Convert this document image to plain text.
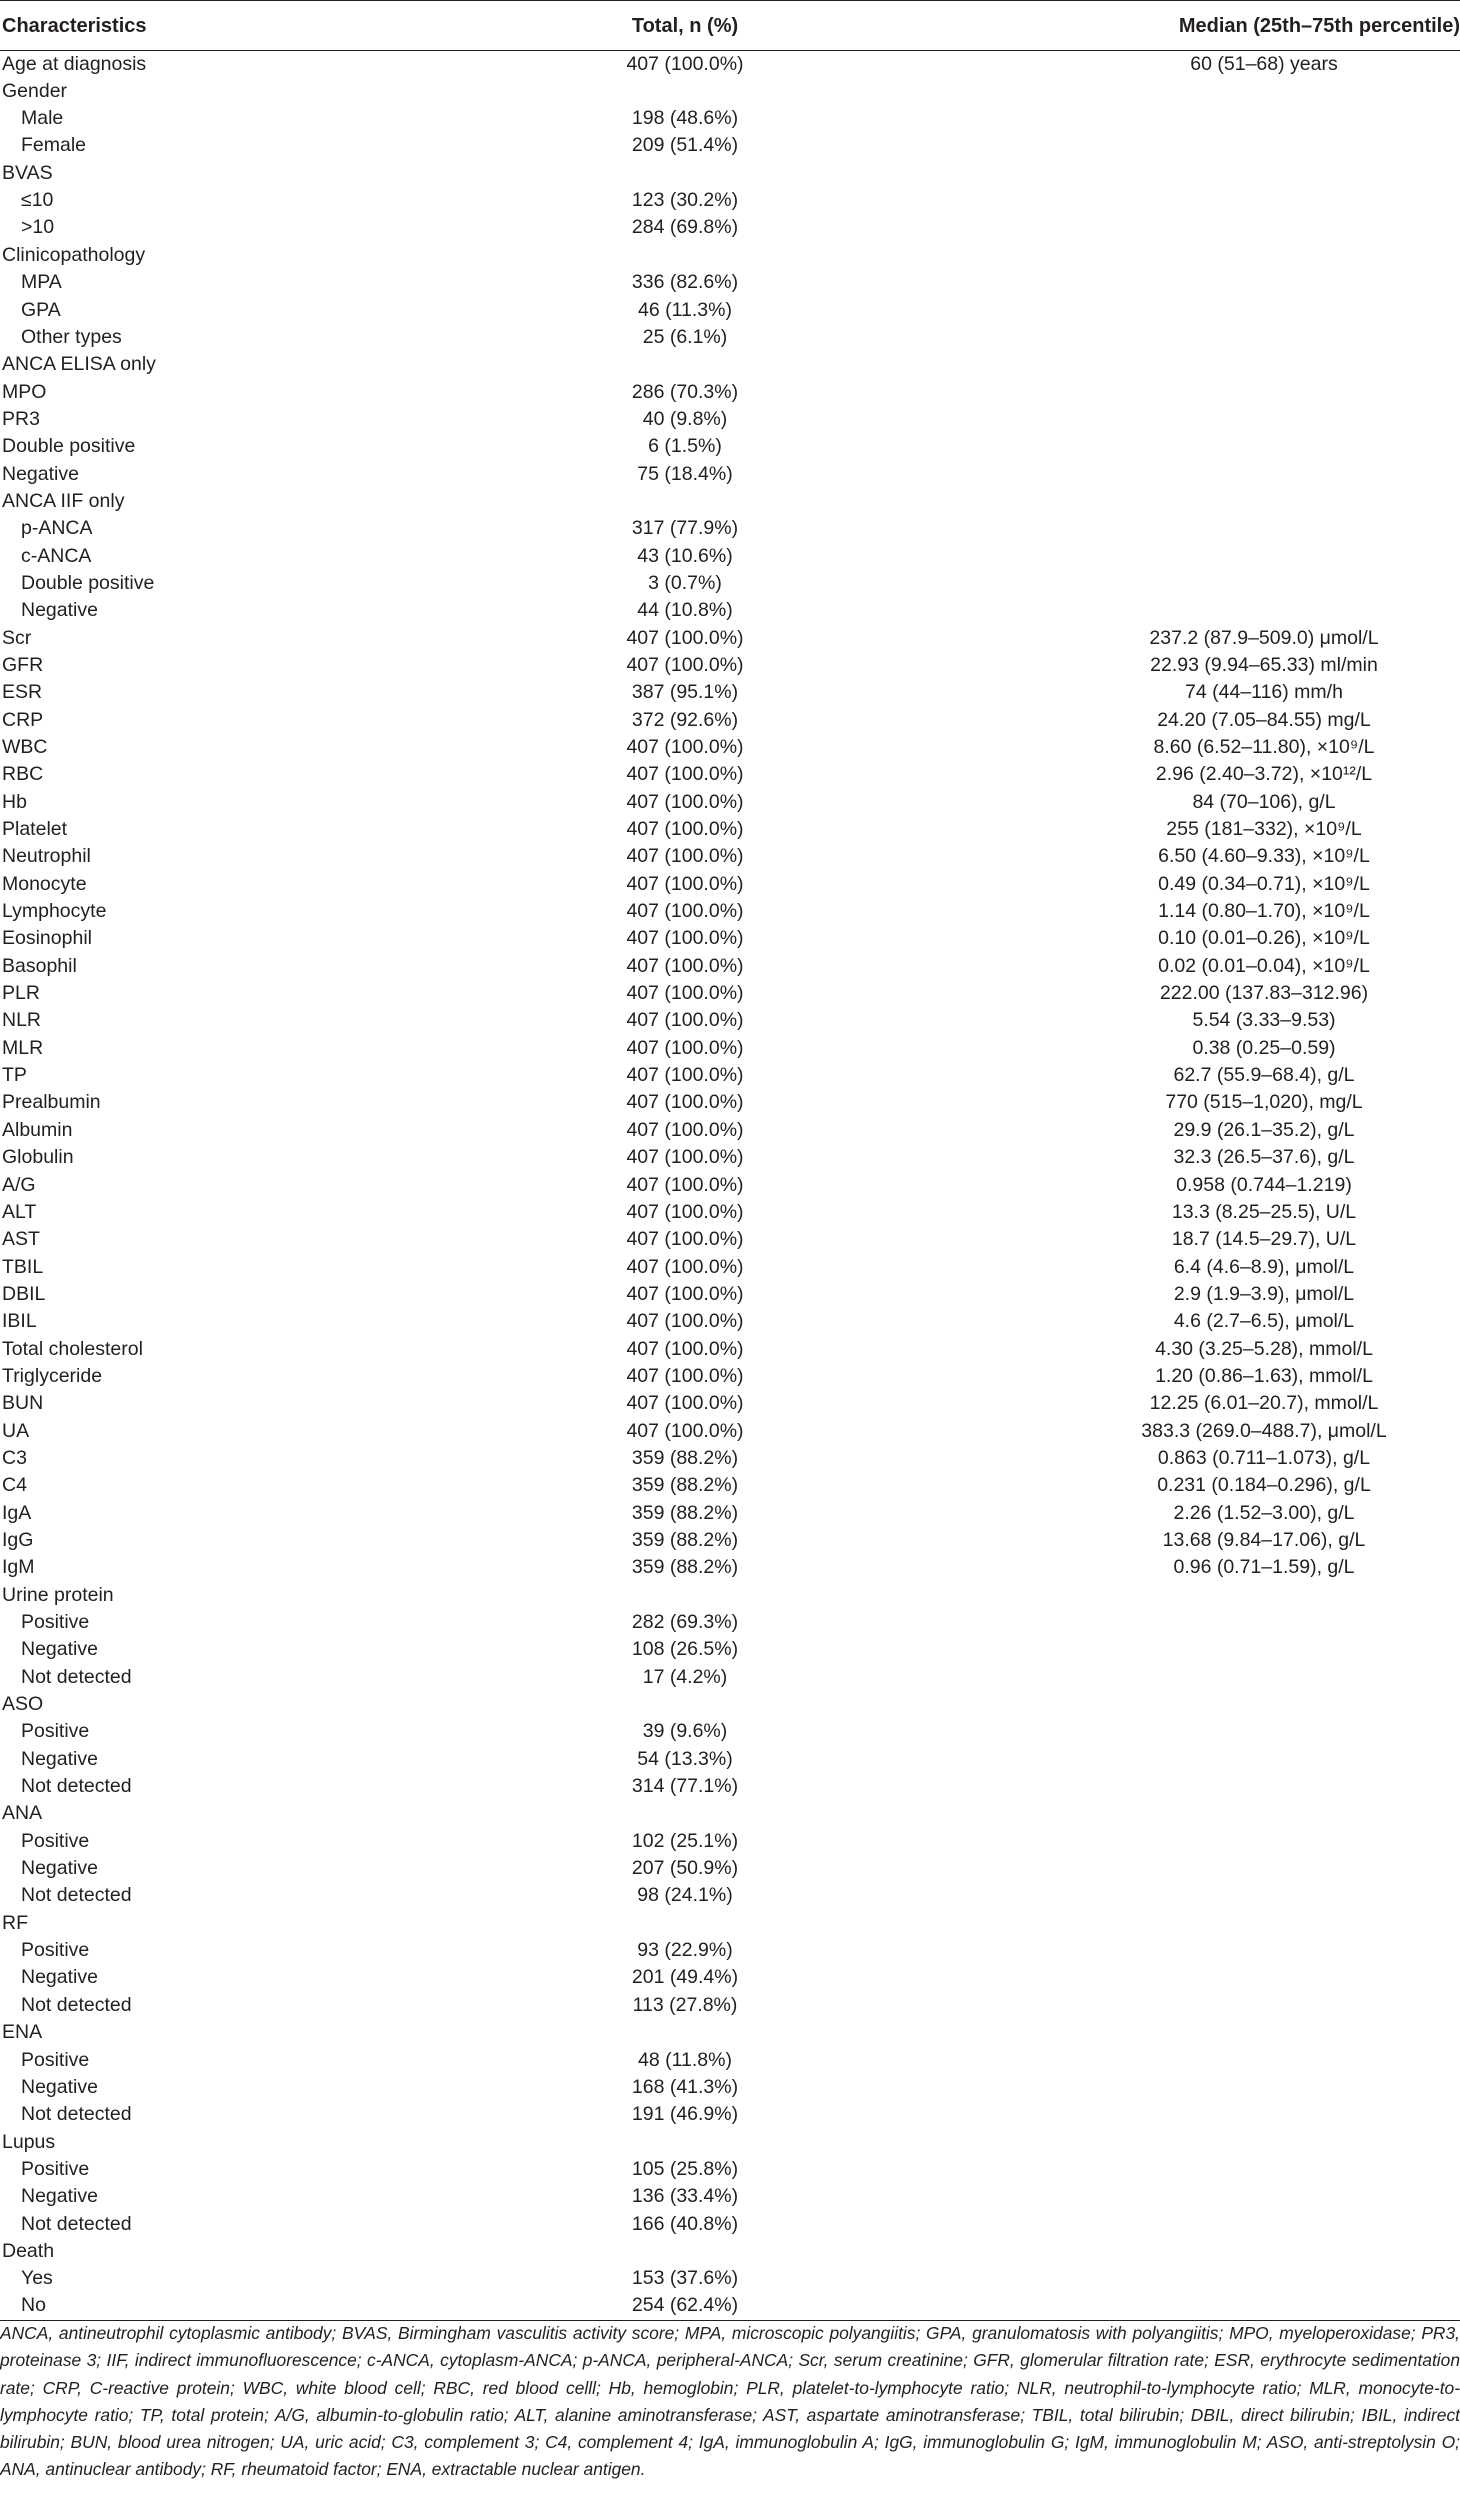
Characteristics	Total, n (%)	Median (25th–75th percentile)
Age at diagnosis	407 (100.0%)	60 (51–68) years
Gender		
Male	198 (48.6%)	
Female	209 (51.4%)	
BVAS		
≤10	123 (30.2%)	
>10	284 (69.8%)	
Clinicopathology		
MPA	336 (82.6%)	
GPA	46 (11.3%)	
Other types	25 (6.1%)	
ANCA ELISA only		
MPO	286 (70.3%)	
PR3	40 (9.8%)	
Double positive	6 (1.5%)	
Negative	75 (18.4%)	
ANCA IIF only		
p-ANCA	317 (77.9%)	
c-ANCA	43 (10.6%)	
Double positive	3 (0.7%)	
Negative	44 (10.8%)	
Scr	407 (100.0%)	237.2 (87.9–509.0) μmol/L
GFR	407 (100.0%)	22.93 (9.94–65.33) ml/min
ESR	387 (95.1%)	74 (44–116) mm/h
CRP	372 (92.6%)	24.20 (7.05–84.55) mg/L
WBC	407 (100.0%)	8.60 (6.52–11.80), ×10⁹/L
RBC	407 (100.0%)	2.96 (2.40–3.72), ×10¹²/L
Hb	407 (100.0%)	84 (70–106), g/L
Platelet	407 (100.0%)	255 (181–332), ×10⁹/L
Neutrophil	407 (100.0%)	6.50 (4.60–9.33), ×10⁹/L
Monocyte	407 (100.0%)	0.49 (0.34–0.71), ×10⁹/L
Lymphocyte	407 (100.0%)	1.14 (0.80–1.70), ×10⁹/L
Eosinophil	407 (100.0%)	0.10 (0.01–0.26), ×10⁹/L
Basophil	407 (100.0%)	0.02 (0.01–0.04), ×10⁹/L
PLR	407 (100.0%)	222.00 (137.83–312.96)
NLR	407 (100.0%)	5.54 (3.33–9.53)
MLR	407 (100.0%)	0.38 (0.25–0.59)
TP	407 (100.0%)	62.7 (55.9–68.4), g/L
Prealbumin	407 (100.0%)	770 (515–1,020), mg/L
Albumin	407 (100.0%)	29.9 (26.1–35.2), g/L
Globulin	407 (100.0%)	32.3 (26.5–37.6), g/L
A/G	407 (100.0%)	0.958 (0.744–1.219)
ALT	407 (100.0%)	13.3 (8.25–25.5), U/L
AST	407 (100.0%)	18.7 (14.5–29.7), U/L
TBIL	407 (100.0%)	6.4 (4.6–8.9), μmol/L
DBIL	407 (100.0%)	2.9 (1.9–3.9), μmol/L
IBIL	407 (100.0%)	4.6 (2.7–6.5), μmol/L
Total cholesterol	407 (100.0%)	4.30 (3.25–5.28), mmol/L
Triglyceride	407 (100.0%)	1.20 (0.86–1.63), mmol/L
BUN	407 (100.0%)	12.25 (6.01–20.7), mmol/L
UA	407 (100.0%)	383.3 (269.0–488.7), μmol/L
C3	359 (88.2%)	0.863 (0.711–1.073), g/L
C4	359 (88.2%)	0.231 (0.184–0.296), g/L
IgA	359 (88.2%)	2.26 (1.52–3.00), g/L
IgG	359 (88.2%)	13.68 (9.84–17.06), g/L
IgM	359 (88.2%)	0.96 (0.71–1.59), g/L
Urine protein		
Positive	282 (69.3%)	
Negative	108 (26.5%)	
Not detected	17 (4.2%)	
ASO		
Positive	39 (9.6%)	
Negative	54 (13.3%)	
Not detected	314 (77.1%)	
ANA		
Positive	102 (25.1%)	
Negative	207 (50.9%)	
Not detected	98 (24.1%)	
RF		
Positive	93 (22.9%)	
Negative	201 (49.4%)	
Not detected	113 (27.8%)	
ENA		
Positive	48 (11.8%)	
Negative	168 (41.3%)	
Not detected	191 (46.9%)	
Lupus		
Positive	105 (25.8%)	
Negative	136 (33.4%)	
Not detected	166 (40.8%)	
Death		
Yes	153 (37.6%)	
No	254 (62.4%)	
ANCA, antineutrophil cytoplasmic antibody; BVAS, Birmingham vasculitis activity score; MPA, microscopic polyangiitis; GPA, granulomatosis with polyangiitis; MPO, myeloperoxidase; PR3, proteinase 3; IIF, indirect immunofluorescence; c-ANCA, cytoplasm-ANCA; p-ANCA, peripheral-ANCA; Scr, serum creatinine; GFR, glomerular filtration rate; ESR, erythrocyte sedimentation rate; CRP, C-reactive protein; WBC, white blood cell; RBC, red blood celll; Hb, hemoglobin; PLR, platelet-to-lymphocyte ratio; NLR, neutrophil-to-lymphocyte ratio; MLR, monocyte-to-lymphocyte ratio; TP, total protein; A/G, albumin-to-globulin ratio; ALT, alanine aminotransferase; AST, aspartate aminotransferase; TBIL, total bilirubin; DBIL, direct bilirubin; IBIL, indirect bilirubin; BUN, blood urea nitrogen; UA, uric acid; C3, complement 3; C4, complement 4; IgA, immunoglobulin A; IgG, immunoglobulin G; IgM, immunoglobulin M; ASO, anti-streptolysin O; ANA, antinuclear antibody; RF, rheumatoid factor; ENA, extractable nuclear antigen.
